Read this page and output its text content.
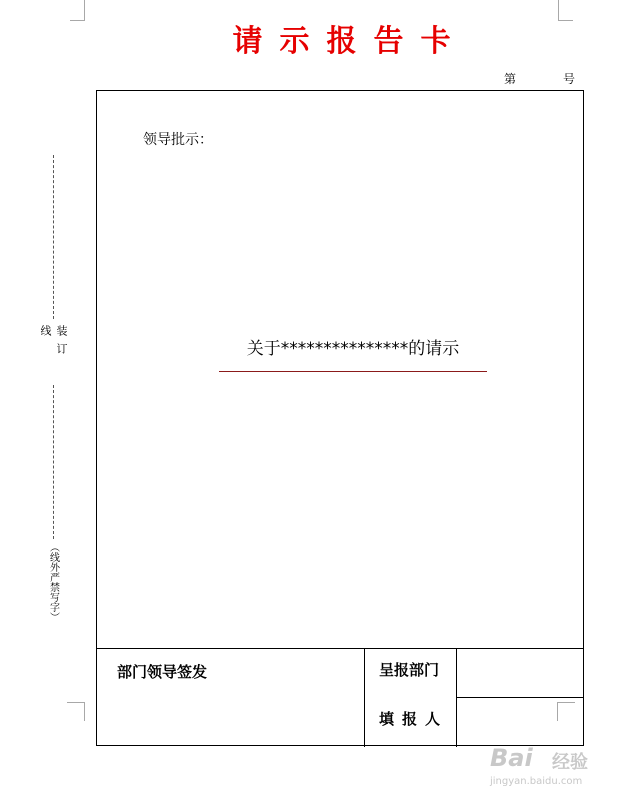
请示报告卡
第号
装订线
（线外严禁写字）
领导批示：
关于***************的请示
部门领导签发	呈报部门
填报人
Bai 经验
jingyan.baidu.com
